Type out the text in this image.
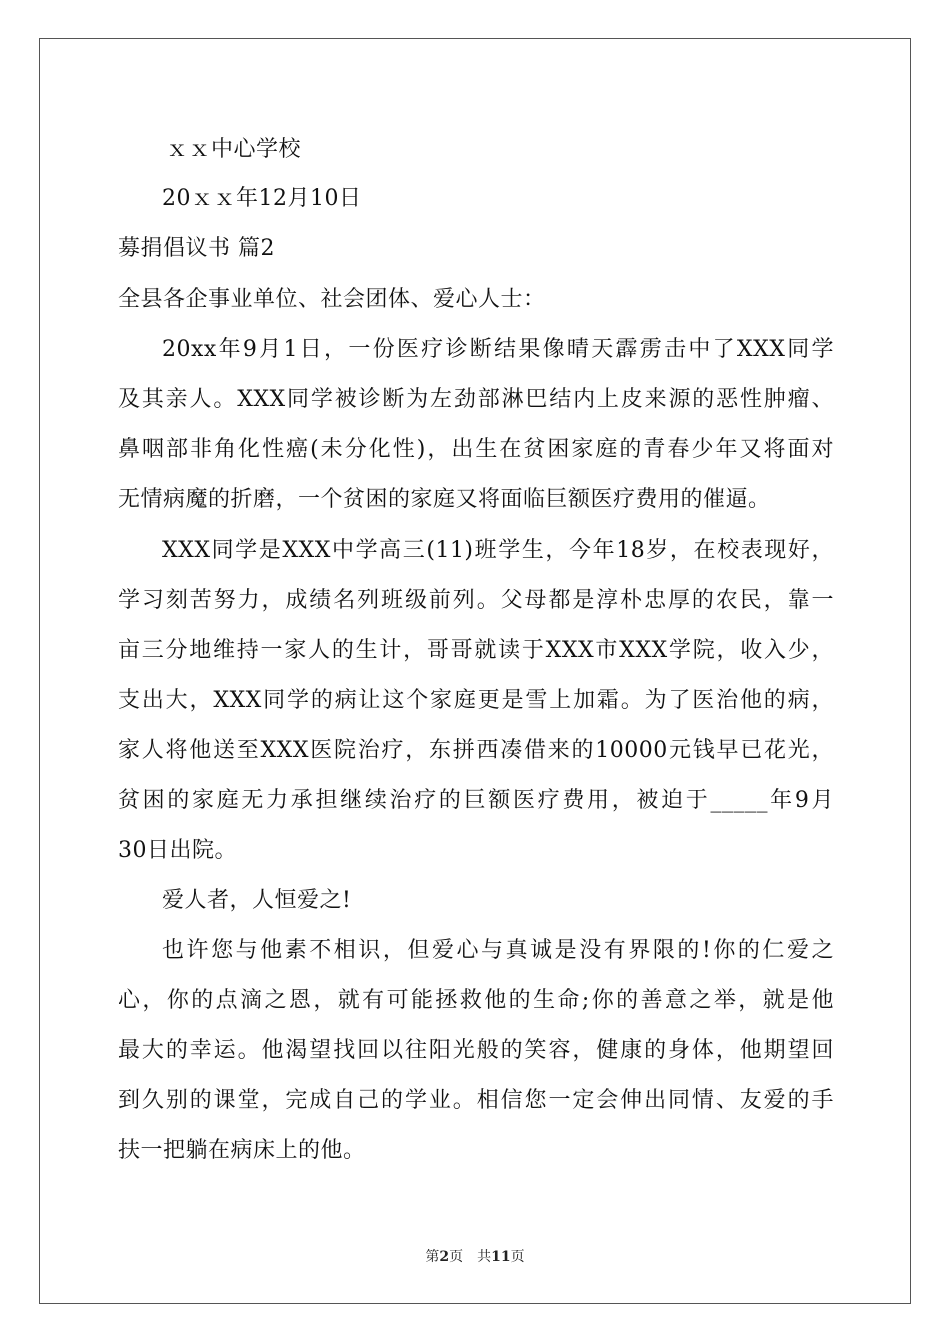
ｘｘ中心学校
20ｘｘ年12月10日
募捐倡议书 篇2
全县各企事业单位、社会团体、爱心人士：
20xx年9月1日，一份医疗诊断结果像晴天霹雳击中了XXX同学
及其亲人。XXX同学被诊断为左劲部淋巴结内上皮来源的恶性肿瘤、
鼻咽部非角化性癌(未分化性)，出生在贫困家庭的青春少年又将面对
无情病魔的折磨，一个贫困的家庭又将面临巨额医疗费用的催逼。
XXX同学是XXX中学高三(11)班学生，今年18岁，在校表现好，
学习刻苦努力，成绩名列班级前列。父母都是淳朴忠厚的农民，靠一
亩三分地维持一家人的生计，哥哥就读于XXX市XXX学院，收入少，
支出大，XXX同学的病让这个家庭更是雪上加霜。为了医治他的病，
家人将他送至XXX医院治疗，东拼西凑借来的10000元钱早已花光，
贫困的家庭无力承担继续治疗的巨额医疗费用，被迫于_____年9月
30日出院。
爱人者，人恒爱之!
也许您与他素不相识，但爱心与真诚是没有界限的!你的仁爱之
心，你的点滴之恩，就有可能拯救他的生命;你的善意之举，就是他
最大的幸运。他渴望找回以往阳光般的笑容，健康的身体，他期望回
到久别的课堂，完成自己的学业。相信您一定会伸出同情、友爱的手
扶一把躺在病床上的他。
第2页　共11页
